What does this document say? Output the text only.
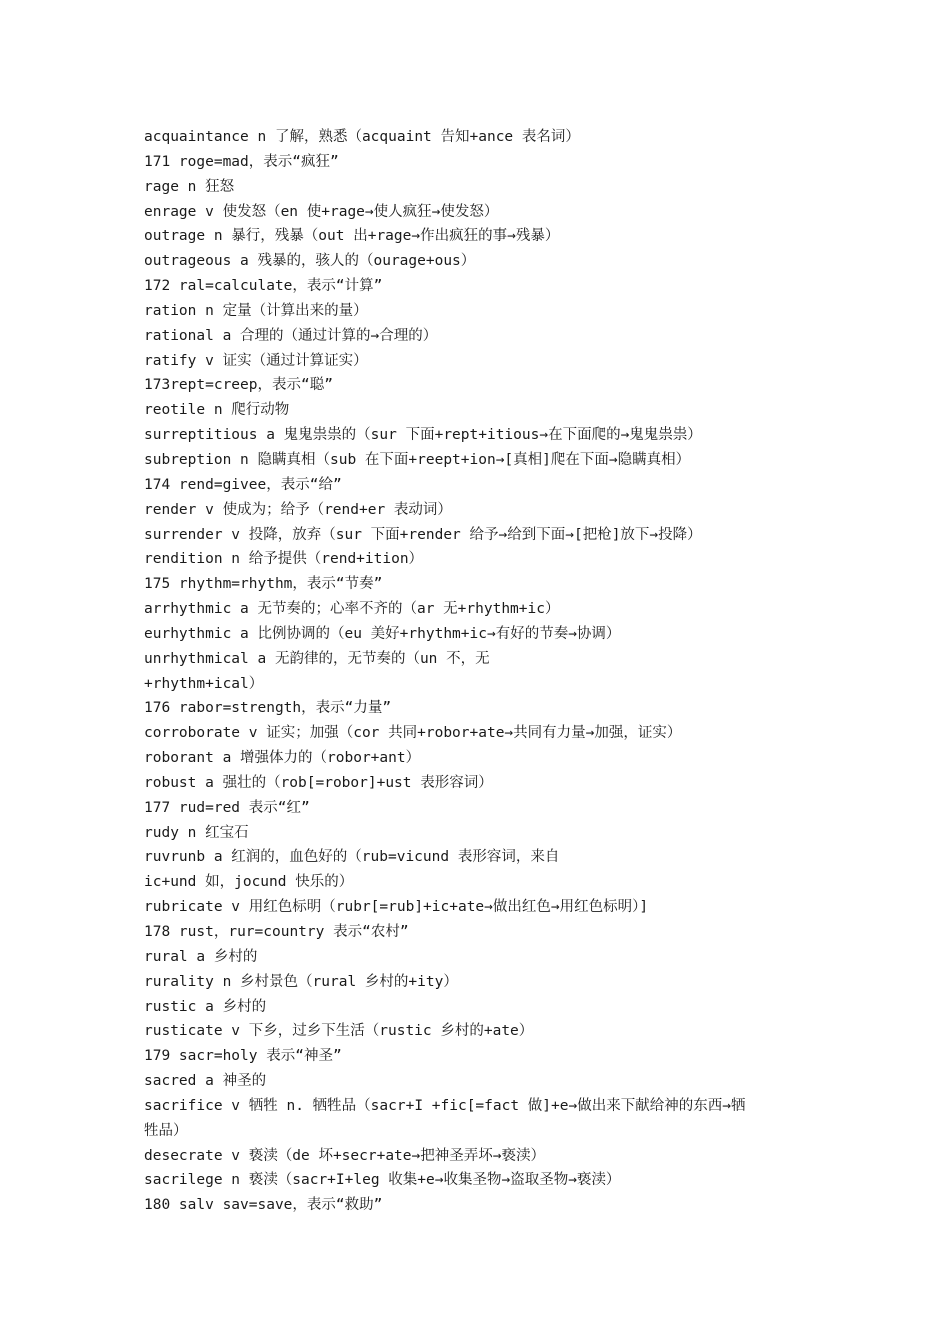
acquaintance n 了解，熟悉（acquaint 告知+ance 表名词）
171 roge=mad，表示“疯狂”
rage n 狂怒
enrage v 使发怒（en 使+rage→使人疯狂→使发怒）
outrage n 暴行，残暴（out 出+rage→作出疯狂的事→残暴）
outrageous a 残暴的，骇人的（ourage+ous）
172 ral=calculate，表示“计算”
ration n 定量（计算出来的量）
rational a 合理的（通过计算的→合理的）
ratify v 证实（通过计算证实）
173rept=creep，表示“聪”
reotile n 爬行动物
surreptitious a 鬼鬼祟祟的（sur 下面+rept+itious→在下面爬的→鬼鬼祟祟）
subreption n 隐瞒真相（sub 在下面+reept+ion→[真相]爬在下面→隐瞒真相）
174 rend=givee，表示“给”
render v 使成为；给予（rend+er 表动词）
surrender v 投降，放弃（sur 下面+render 给予→给到下面→[把枪]放下→投降）
rendition n 给予提供（rend+ition）
175 rhythm=rhythm，表示“节奏”
arrhythmic a 无节奏的；心率不齐的（ar 无+rhythm+ic）
eurhythmic a 比例协调的（eu 美好+rhythm+ic→有好的节奏→协调）
unrhythmical a 无韵律的，无节奏的（un 不，无
+rhythm+ical）
176 rabor=strength，表示“力量”
corroborate v 证实；加强（cor 共同+robor+ate→共同有力量→加强，证实）
roborant a 增强体力的（robor+ant）
robust a 强壮的（rob[=robor]+ust 表形容词）
177 rud=red 表示“红”
rudy n 红宝石
ruvrunb a 红润的，血色好的（rub=vicund 表形容词，来自
ic+und 如，jocund 快乐的）
rubricate v 用红色标明（rubr[=rub]+ic+ate→做出红色→用红色标明）]
178 rust，rur=country 表示“农村”
rural a 乡村的
rurality n 乡村景色（rural 乡村的+ity）
rustic a 乡村的
rusticate v 下乡，过乡下生活（rustic 乡村的+ate）
179 sacr=holy 表示“神圣”
sacred a 神圣的
sacrifice v 牺牲 n. 牺牲品（sacr+I +fic[=fact 做]+e→做出来下献给神的东西→牺
牲品）
desecrate v 亵渎（de 坏+secr+ate→把神圣弄坏→亵渎）
sacrilege n 亵渎（sacr+I+leg 收集+e→收集圣物→盗取圣物→亵渎）
180 salv sav=save，表示“救助”
